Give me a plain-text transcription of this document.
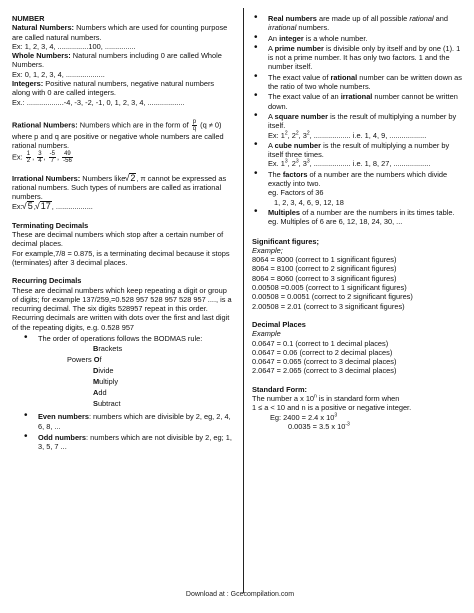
NUMBER
Natural Numbers: Numbers which are used for counting purpose are called natural numbers.
Ex: 1, 2, 3, 4, ...............100, ...............
Whole Numbers: Natural numbers including 0 are called Whole Numbers.
Ex: 0, 1, 2, 3, 4, ...................
Integers: Positive natural numbers, negative natural numbers along with 0 are called integers.
Ex.: ..................-4, -3, -2, -1, 0, 1, 2, 3, 4, ..................
Rational Numbers: Numbers which are in the form of $\frac{p}{q} (q \ne 0)$ where p and q are positive or negative whole numbers are called rational numbers.
Ex: $\frac{1}{2}$ , $\frac{3}{4}$ , $\frac{-5}{7}$ , $\frac{49}{-56}$
Irrational Numbers: Numbers like √ 2, π cannot be expressed as rational numbers. Such types of numbers are called as irrational numbers.
Ex: √ 5, √ 17, ..................
Terminating Decimals
These are decimal numbers which stop after a certain number of decimal places.
For example,7/8 = 0.875, is a terminating decimal because it stops (terminates) after 3 decimal places.
Recurring Decimals
These are decimal numbers which keep repeating a digit or group of digits; for example 137/259,=0.528 957 528 957 528 957 ...., is a recurring decimal. The six digits 528957 repeat in this order. Recurring decimals are written with dots over the first and last digit of the repeating digits, e.g. 0.528 957
• The order of operations follows the BODMAS rule:
Brackets
Powers Of
Divide
Multiply
Add
Subtract
• Even numbers: numbers which are divisible by 2, eg, 2, 4, 6, 8, ...
• Odd numbers: numbers which are not divisible by 2, eg; 1, 3, 5, 7 ...
• Real numbers are made up of all possible rational and irrational numbers.
• An integer is a whole number.
• A prime number is divisible only by itself and by one (1). 1 is not a prime number. It has only two factors. 1 and the number itself.
• The exact value of rational number can be written down as the ratio of two whole numbers.
• The exact value of an irrational number cannot be written down.
• A square number is the result of multiplying a number by itself.
Ex: $1^2$, $2^2$, $3^2$, .................. i.e. 1, 4, 9, ..................
• A cube number is the result of multiplying a number by itself three times.
Ex. $1^3$, $2^3$, $3^3$, .................. i.e. 1, 8, 27, ..................
• The factors of a number are the numbers which divide exactly into two.
eg. Factors of 36
1, 2, 3, 4, 6, 9, 12, 18
• Multiples of a number are the numbers in its times table.
eg. Multiples of 6 are 6, 12, 18, 24, 30, ...
Significant figures;
Example;
8064 = 8000 (correct to 1 significant figures)
8064 = 8100 (correct to 2 significant figures)
8064 = 8060 (correct to 3 significant figures)
0.00508 =0.005 (correct to 1 significant figures)
0.00508 = 0.0051 (correct to 2 significant figures)
2.00508 = 2.01 (correct to 3 significant figures)
Decimal Places
Example
0.0647 = 0.1 (correct to 1 decimal places)
0.0647 = 0.06 (correct to 2 decimal places)
0.0647 = 0.065 (correct to 3 decimal places)
2.0647 = 2.065 (correct to 3 decimal places)
Standard Form:
The number a x 10$^n$ is in standard form when
1 ≤ a < 10 and n is a positive or negative integer.
Eg: 2400 = 2.4 x $10^3$
0.0035 = 3.5 x $10^{-3}$
Download at : Gcecompilation.com
